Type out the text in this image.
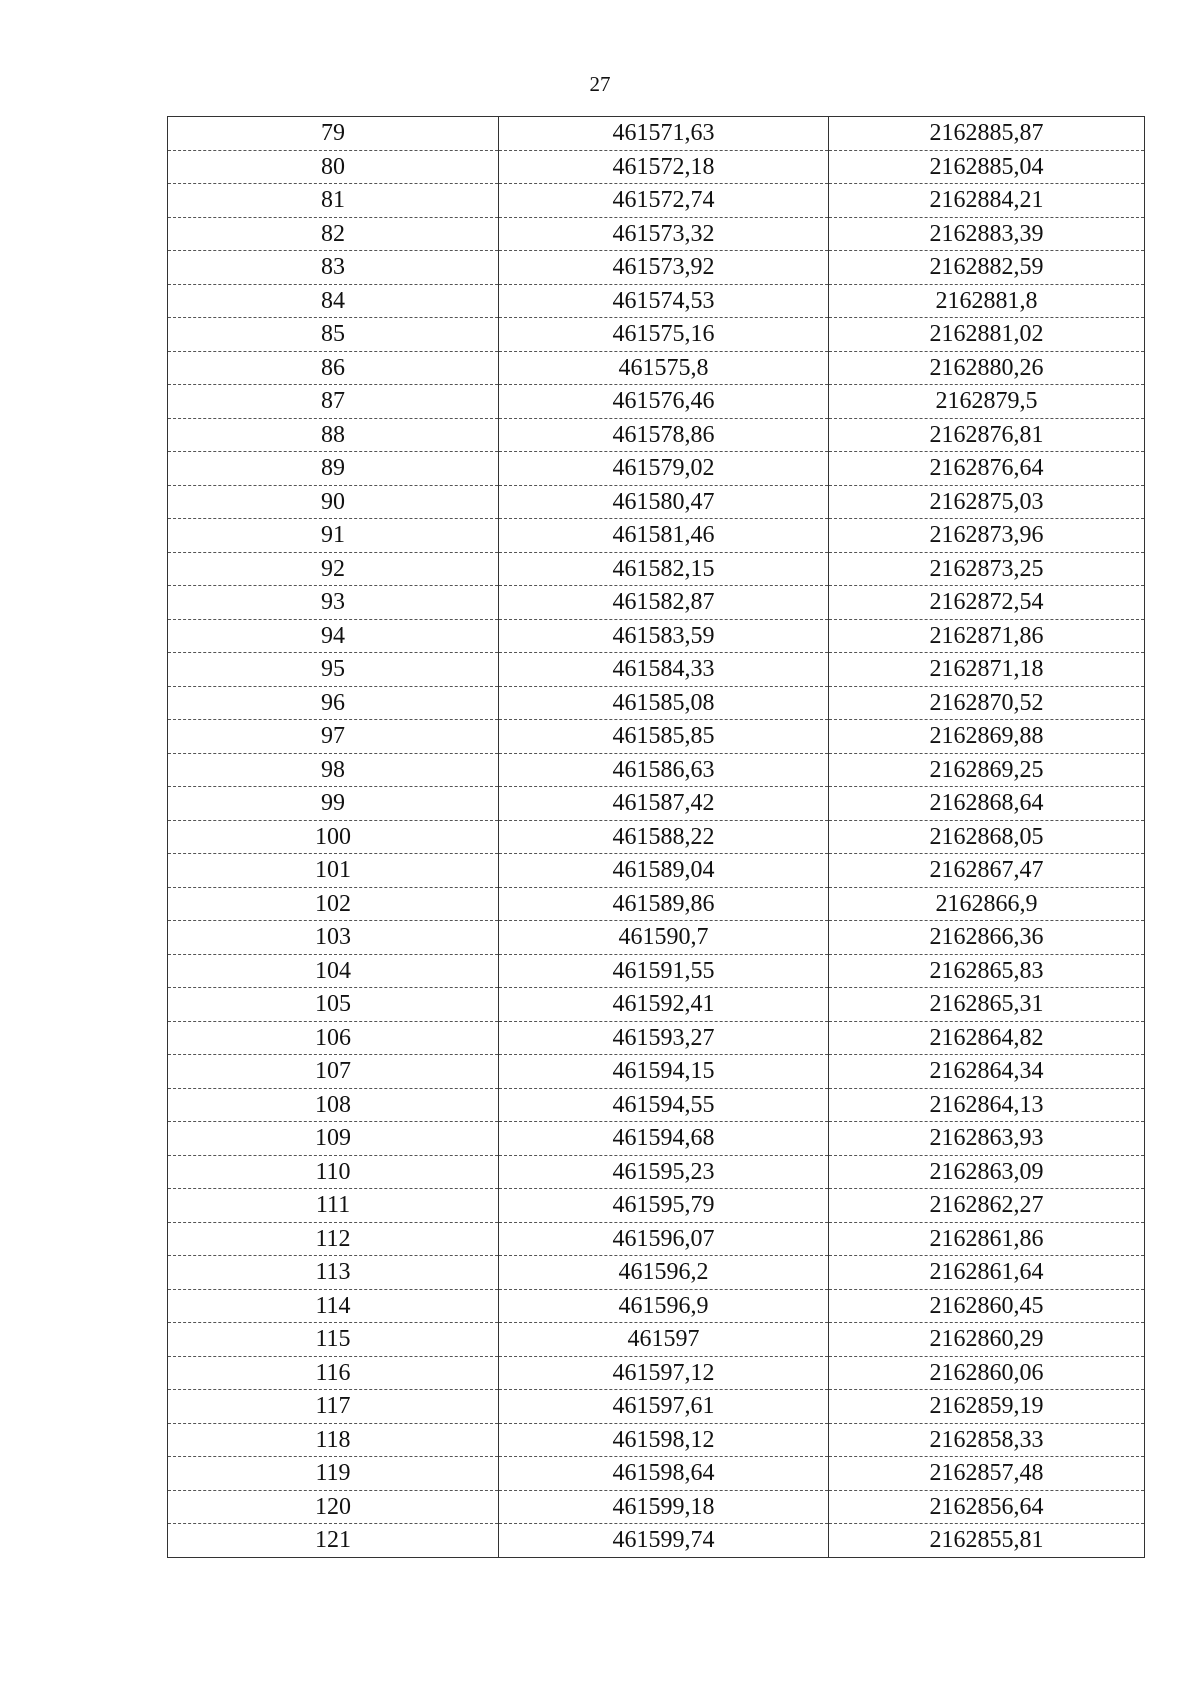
27
79	461571,63	2162885,87
80	461572,18	2162885,04
81	461572,74	2162884,21
82	461573,32	2162883,39
83	461573,92	2162882,59
84	461574,53	2162881,8
85	461575,16	2162881,02
86	461575,8	2162880,26
87	461576,46	2162879,5
88	461578,86	2162876,81
89	461579,02	2162876,64
90	461580,47	2162875,03
91	461581,46	2162873,96
92	461582,15	2162873,25
93	461582,87	2162872,54
94	461583,59	2162871,86
95	461584,33	2162871,18
96	461585,08	2162870,52
97	461585,85	2162869,88
98	461586,63	2162869,25
99	461587,42	2162868,64
100	461588,22	2162868,05
101	461589,04	2162867,47
102	461589,86	2162866,9
103	461590,7	2162866,36
104	461591,55	2162865,83
105	461592,41	2162865,31
106	461593,27	2162864,82
107	461594,15	2162864,34
108	461594,55	2162864,13
109	461594,68	2162863,93
110	461595,23	2162863,09
111	461595,79	2162862,27
112	461596,07	2162861,86
113	461596,2	2162861,64
114	461596,9	2162860,45
115	461597	2162860,29
116	461597,12	2162860,06
117	461597,61	2162859,19
118	461598,12	2162858,33
119	461598,64	2162857,48
120	461599,18	2162856,64
121	461599,74	2162855,81
